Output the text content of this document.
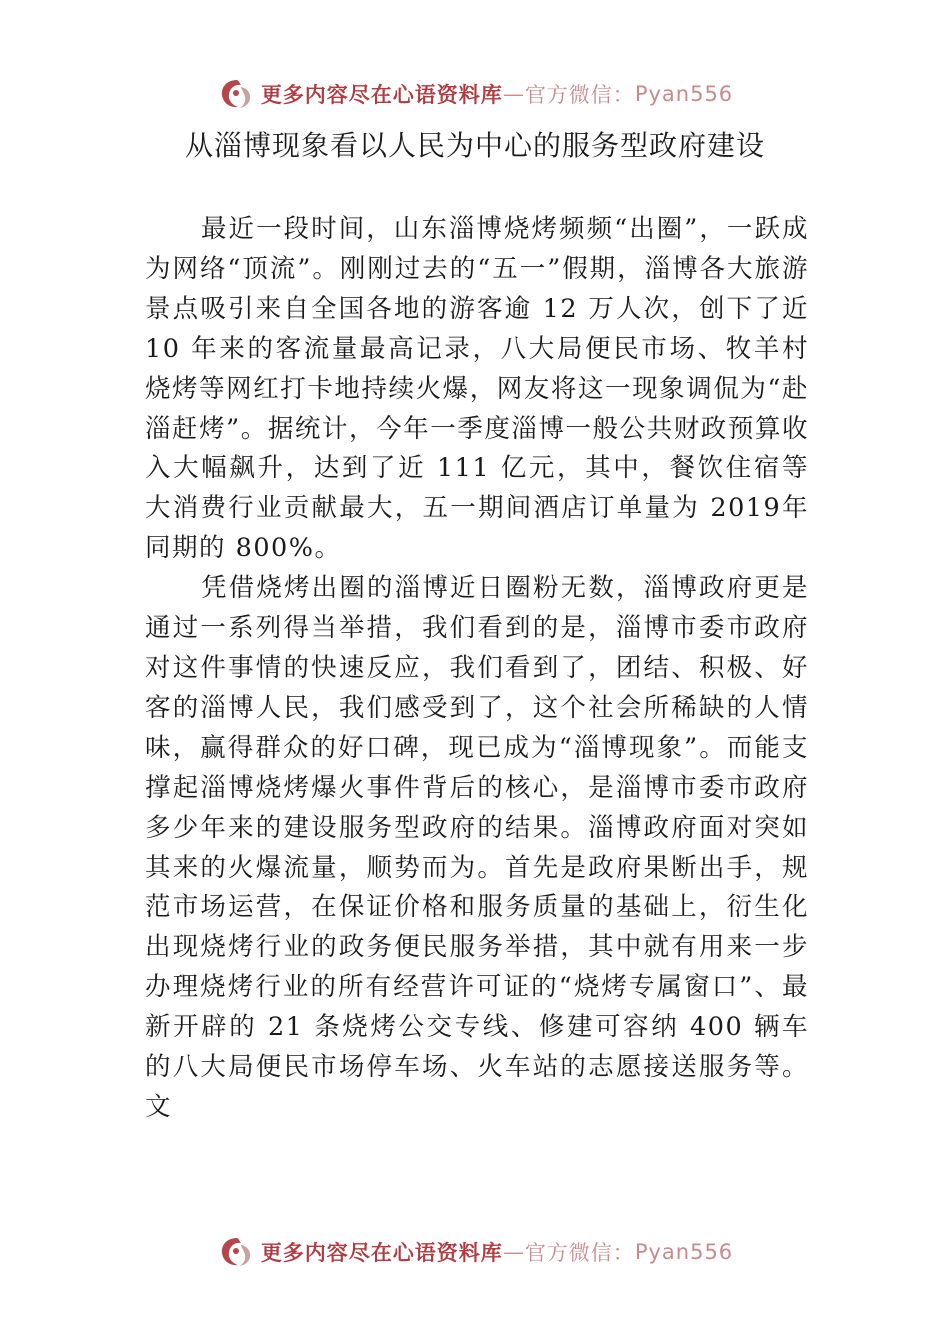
更多内容尽在心语资料库 — 官方微信： Pyan556
从淄博现象看以人民为中心的服务型政府建设

最近一段时间，山东淄博烧烤频频“出圈”，一跃成为网络“顶流”。刚刚过去的“五一”假期，淄博各大旅游景点吸引来自全国各地的游客逾 12 万人次，创下了近 10 年来的客流量最高记录，八大局便民市场、牧羊村烧烤等网红打卡地持续火爆，网友将这一现象调侃为“赴淄赶烤”。据统计，今年一季度淄博一般公共财政预算收入大幅飙升，达到了近 111 亿元，其中，餐饮住宿等大消费行业贡献最大，五一期间酒店订单量为 2019年同期的 800%。

凭借烧烤出圈的淄博近日圈粉无数，淄博政府更是通过一系列得当举措，我们看到的是，淄博市委市政府对这件事情的快速反应，我们看到了，团结、积极、好客的淄博人民，我们感受到了，这个社会所稀缺的人情味，赢得群众的好口碑，现已成为“淄博现象”。而能支撑起淄博烧烤爆火事件背后的核心，是淄博市委市政府多少年来的建设服务型政府的结果。淄博政府面对突如其来的火爆流量，顺势而为。首先是政府果断出手，规范市场运营，在保证价格和服务质量的基础上，衍生化出现烧烤行业的政务便民服务举措，其中就有用来一步办理烧烤行业的所有经营许可证的“烧烤专属窗口”、最新开辟的 21 条烧烤公交专线、修建可容纳 400 辆车的八大局便民市场停车场、火车站的志愿接送服务等。文

更多内容尽在心语资料库 — 官方微信： Pyan556
